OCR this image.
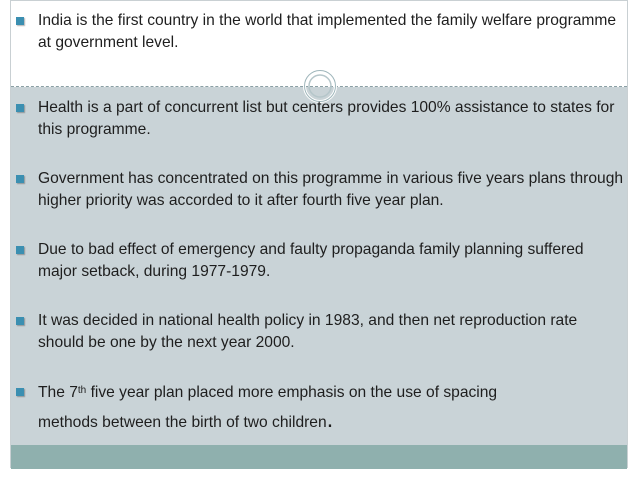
India is the first country in the world that implemented the family welfare programme at government level.
Health is a part of concurrent list but centers provides 100% assistance to states for this programme.
Government has concentrated on this programme in various five years plans through higher priority was accorded to it after fourth five year plan.
Due to bad effect of emergency and faulty propaganda family planning suffered major setback, during 1977-1979.
It was decided in national health policy in 1983, and then net reproduction rate should be one by the next year 2000.
The 7th five year plan placed more emphasis on the use of spacing
methods between the birth of two children.
